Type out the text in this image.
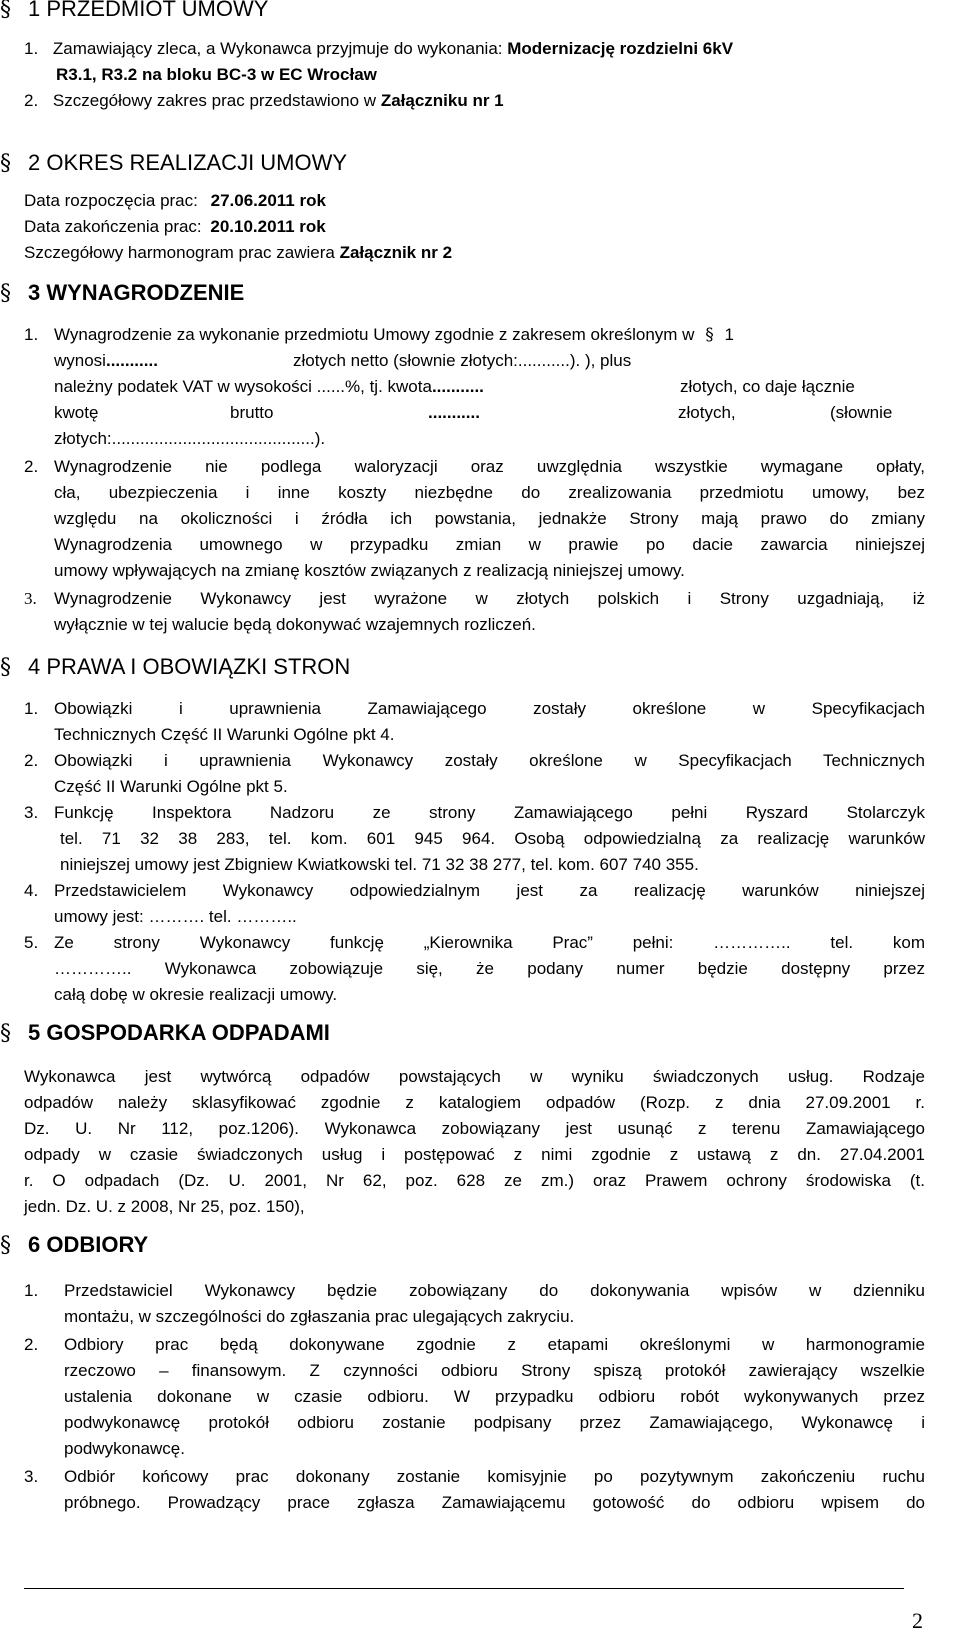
§ 1 PRZEDMIOT UMOWY
1. Zamawiający zleca, a Wykonawca przyjmuje do wykonania: Modernizację rozdzielni 6kV
R3.1, R3.2 na bloku BC-3 w EC Wrocław
2. Szczegółowy zakres prac przedstawiono w Załączniku nr 1
§ 2 OKRES REALIZACJI UMOWY
Data rozpoczęcia prac: 27.06.2011 rok
Data zakończenia prac: 20.10.2011 rok
Szczegółowy harmonogram prac zawiera Załącznik nr 2
§ 3 WYNAGRODZENIE
1. Wynagrodzenie za wykonanie przedmiotu Umowy zgodnie z zakresem określonym w § 1
wynosi...........	złotych netto (słownie złotych:...........). ), plus
należny podatek VAT w wysokości ......%, tj. kwota...........	złotych, co daje łącznie
kwotę	brutto	...........	złotych,	(słownie
złotych:...........................................).
2. Wynagrodzenie nie podlega waloryzacji oraz uwzględnia wszystkie wymagane opłaty,
cła, ubezpieczenia i inne koszty niezbędne do zrealizowania przedmiotu umowy, bez
względu na okoliczności i źródła ich powstania, jednakże Strony mają prawo do zmiany
Wynagrodzenia umownego w przypadku zmian w prawie po dacie zawarcia niniejszej
umowy wpływających na zmianę kosztów związanych z realizacją niniejszej umowy.
3. Wynagrodzenie Wykonawcy jest wyrażone w złotych polskich i Strony uzgadniają, iż
wyłącznie w tej walucie będą dokonywać wzajemnych rozliczeń.
§ 4 PRAWA I OBOWIĄZKI STRON
1. Obowiązki i uprawnienia Zamawiającego zostały określone w Specyfikacjach
Technicznych Część II Warunki Ogólne pkt 4.
2. Obowiązki i uprawnienia Wykonawcy zostały określone w Specyfikacjach Technicznych
Część II Warunki Ogólne pkt 5.
3. Funkcję Inspektora Nadzoru ze strony Zamawiającego pełni Ryszard Stolarczyk
tel. 71 32 38 283, tel. kom. 601 945 964. Osobą odpowiedzialną za realizację warunków
niniejszej umowy jest Zbigniew Kwiatkowski tel. 71 32 38 277, tel. kom. 607 740 355.
4. Przedstawicielem Wykonawcy odpowiedzialnym jest za realizację warunków niniejszej
umowy jest: ………. tel. ………..
5. Ze strony Wykonawcy funkcję „Kierownika Prac” pełni: ………….. tel. kom
………….. Wykonawca zobowiązuje się, że podany numer będzie dostępny przez
całą dobę w okresie realizacji umowy.
§ 5 GOSPODARKA ODPADAMI
Wykonawca jest wytwórcą odpadów powstających w wyniku świadczonych usług. Rodzaje
odpadów należy sklasyfikować zgodnie z katalogiem odpadów (Rozp. z dnia 27.09.2001 r.
Dz. U. Nr 112, poz.1206). Wykonawca zobowiązany jest usunąć z terenu Zamawiającego
odpady w czasie świadczonych usług i postępować z nimi zgodnie z ustawą z dn. 27.04.2001
r. O odpadach (Dz. U. 2001, Nr 62, poz. 628 ze zm.) oraz Prawem ochrony środowiska (t.
jedn. Dz. U. z 2008, Nr 25, poz. 150),
§ 6 ODBIORY
1. Przedstawiciel Wykonawcy będzie zobowiązany do dokonywania wpisów w dzienniku
montażu, w szczególności do zgłaszania prac ulegających zakryciu.
2. Odbiory prac będą dokonywane zgodnie z etapami określonymi w harmonogramie
rzeczowo – finansowym. Z czynności odbioru Strony spiszą protokół zawierający wszelkie
ustalenia dokonane w czasie odbioru. W przypadku odbioru robót wykonywanych przez
podwykonawcę protokół odbioru zostanie podpisany przez Zamawiającego, Wykonawcę i
podwykonawcę.
3. Odbiór końcowy prac dokonany zostanie komisyjnie po pozytywnym zakończeniu ruchu
próbnego. Prowadzący prace zgłasza Zamawiającemu gotowość do odbioru wpisem do
2
